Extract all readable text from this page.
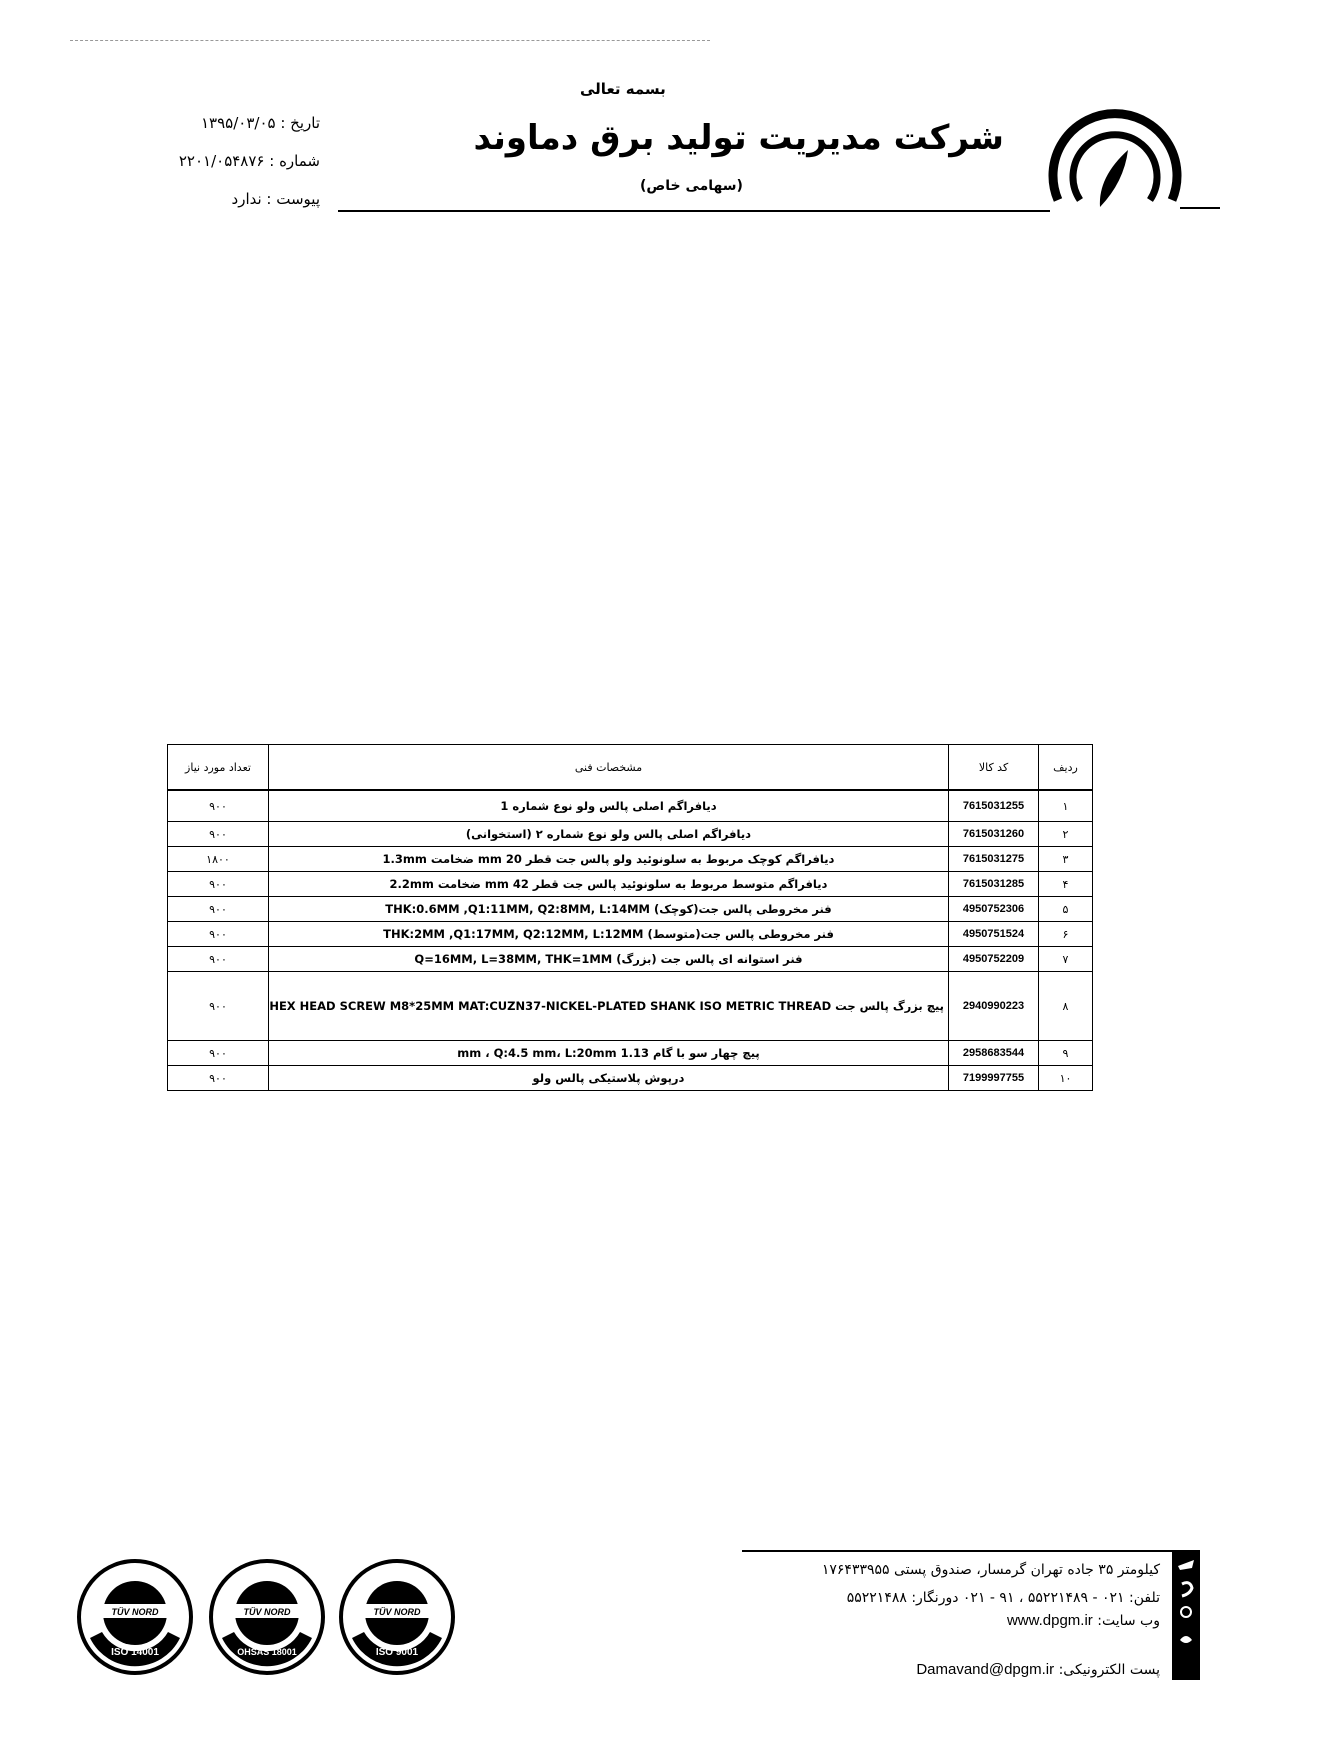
بسمه تعالی
شرکت مدیریت تولید برق دماوند
(سهامی خاص)
تاریخ : ۱۳۹۵/۰۳/۰۵
شماره : ۲۲۰۱/۰۵۴۸۷۶
پیوست : ندارد
ردیف	کد کالا	مشخصات فنی	تعداد مورد نیاز
۱	7615031255	دیافراگم اصلی پالس ولو نوع شماره 1	۹۰۰
۲	7615031260	دیافراگم اصلی پالس ولو نوع شماره ۲ (استخوانی)	۹۰۰
۳	7615031275	دیافراگم کوچک مربوط به سلونوئید ولو پالس جت قطر 20 mm ضخامت 1.3mm	۱۸۰۰
۴	7615031285	دیافراگم متوسط مربوط به سلونوئید پالس جت قطر 42 mm ضخامت 2.2mm	۹۰۰
۵	4950752306	فنر مخروطی پالس جت(کوچک) THK:0.6MM ,Q1:11MM, Q2:8MM, L:14MM	۹۰۰
۶	4950751524	فنر مخروطی پالس جت(متوسط) THK:2MM ,Q1:17MM, Q2:12MM, L:12MM	۹۰۰
۷	4950752209	فنر استوانه ای پالس جت (بزرگ) Q=16MM, L=38MM, THK=1MM	۹۰۰
۸	2940990223	پیچ بزرگ پالس جت HEX HEAD SCREW M8*25MM MAT:CUZN37-NICKEL-PLATED SHANK ISO METRIC THREAD	۹۰۰
۹	2958683544	پیچ چهار سو با گام 1.13 mm ، Q:4.5 mm، L:20mm	۹۰۰
۱۰	7199997755	درپوش پلاستیکی پالس ولو	۹۰۰
TÜV NORD
ISO 14001
TÜV NORD
OHSAS 18001
TÜV NORD
ISO 9001
کیلومتر ۳۵ جاده تهران گرمسار، صندوق پستی ۱۷۶۴۳۳۹۵۵
تلفن: ۰۲۱ - ۵۵۲۲۱۴۸۹ ، ۹۱ - ۰۲۱ دورنگار: ۵۵۲۲۱۴۸۸
وب سایت: www.dpgm.ir
پست الکترونیکی: Damavand@dpgm.ir
